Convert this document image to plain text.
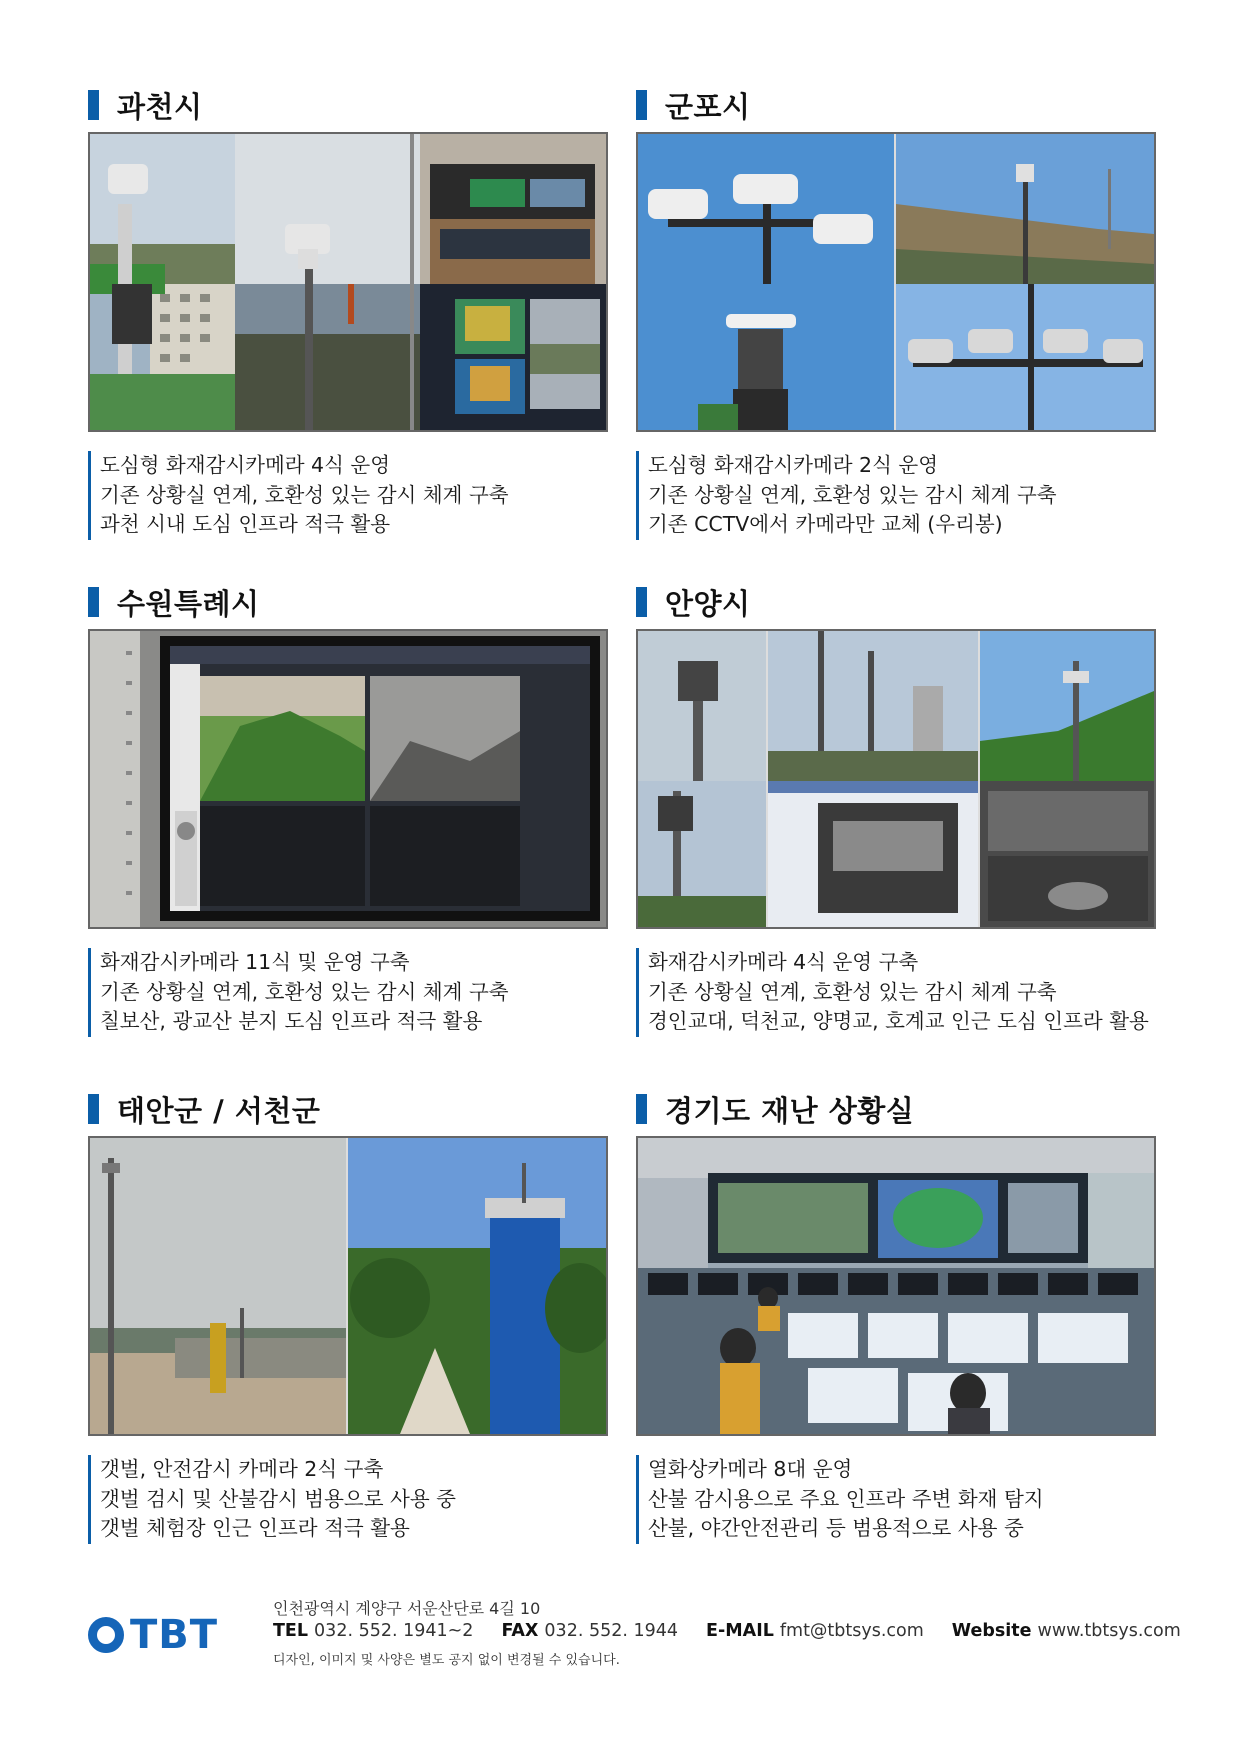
과천시
도심형 화재감시카메라 4식 운영
기존 상황실 연계, 호환성 있는 감시 체계 구축
과천 시내 도심 인프라 적극 활용
군포시
도심형 화재감시카메라 2식 운영
기존 상황실 연계, 호환성 있는 감시 체계 구축
기존 CCTV에서 카메라만 교체 (우리봉)
수원특례시
화재감시카메라 11식 및 운영 구축
기존 상황실 연계, 호환성 있는 감시 체계 구축
칠보산, 광교산 분지 도심 인프라 적극 활용
안양시
화재감시카메라 4식 운영 구축
기존 상황실 연계, 호환성 있는 감시 체계 구축
경인교대, 덕천교, 양명교, 호계교 인근 도심 인프라 활용
태안군 / 서천군
갯벌, 안전감시 카메라 2식 구축
갯벌 검시 및 산불감시 범용으로 사용 중
갯벌 체험장 인근 인프라 적극 활용
경기도 재난 상황실
열화상카메라 8대 운영
산불 감시용으로 주요 인프라 주변 화재 탐지
산불, 야간안전관리 등 범용적으로 사용 중
TBT
인천광역시 계양구 서운산단로 4길 10
TEL 032. 552. 1941~2 FAX 032. 552. 1944 E-MAIL fmt@tbtsys.com Website www.tbtsys.com
디자인, 이미지 및 사양은 별도 공지 없이 변경될 수 있습니다.
